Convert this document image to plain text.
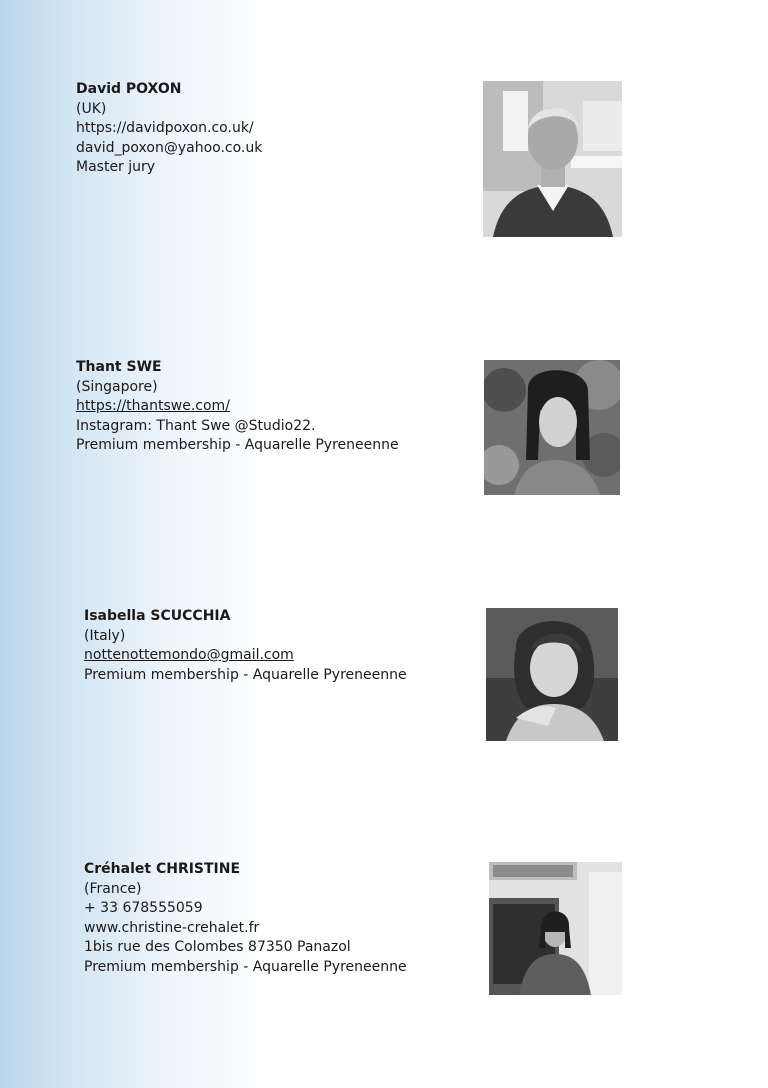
David POXON
(UK)
https://davidpoxon.co.uk/
david_poxon@yahoo.co.uk
Master jury
Thant SWE
(Singapore)
https://thantswe.com/
Instagram: Thant Swe @Studio22.
Premium membership - Aquarelle Pyreneenne
Isabella SCUCCHIA
(Italy)
nottenottemondo@gmail.com
Premium membership - Aquarelle Pyreneenne
Créhalet CHRISTINE
(France)
+ 33 678555059
www.christine-crehalet.fr
1bis rue des Colombes 87350 Panazol
Premium membership - Aquarelle Pyreneenne
